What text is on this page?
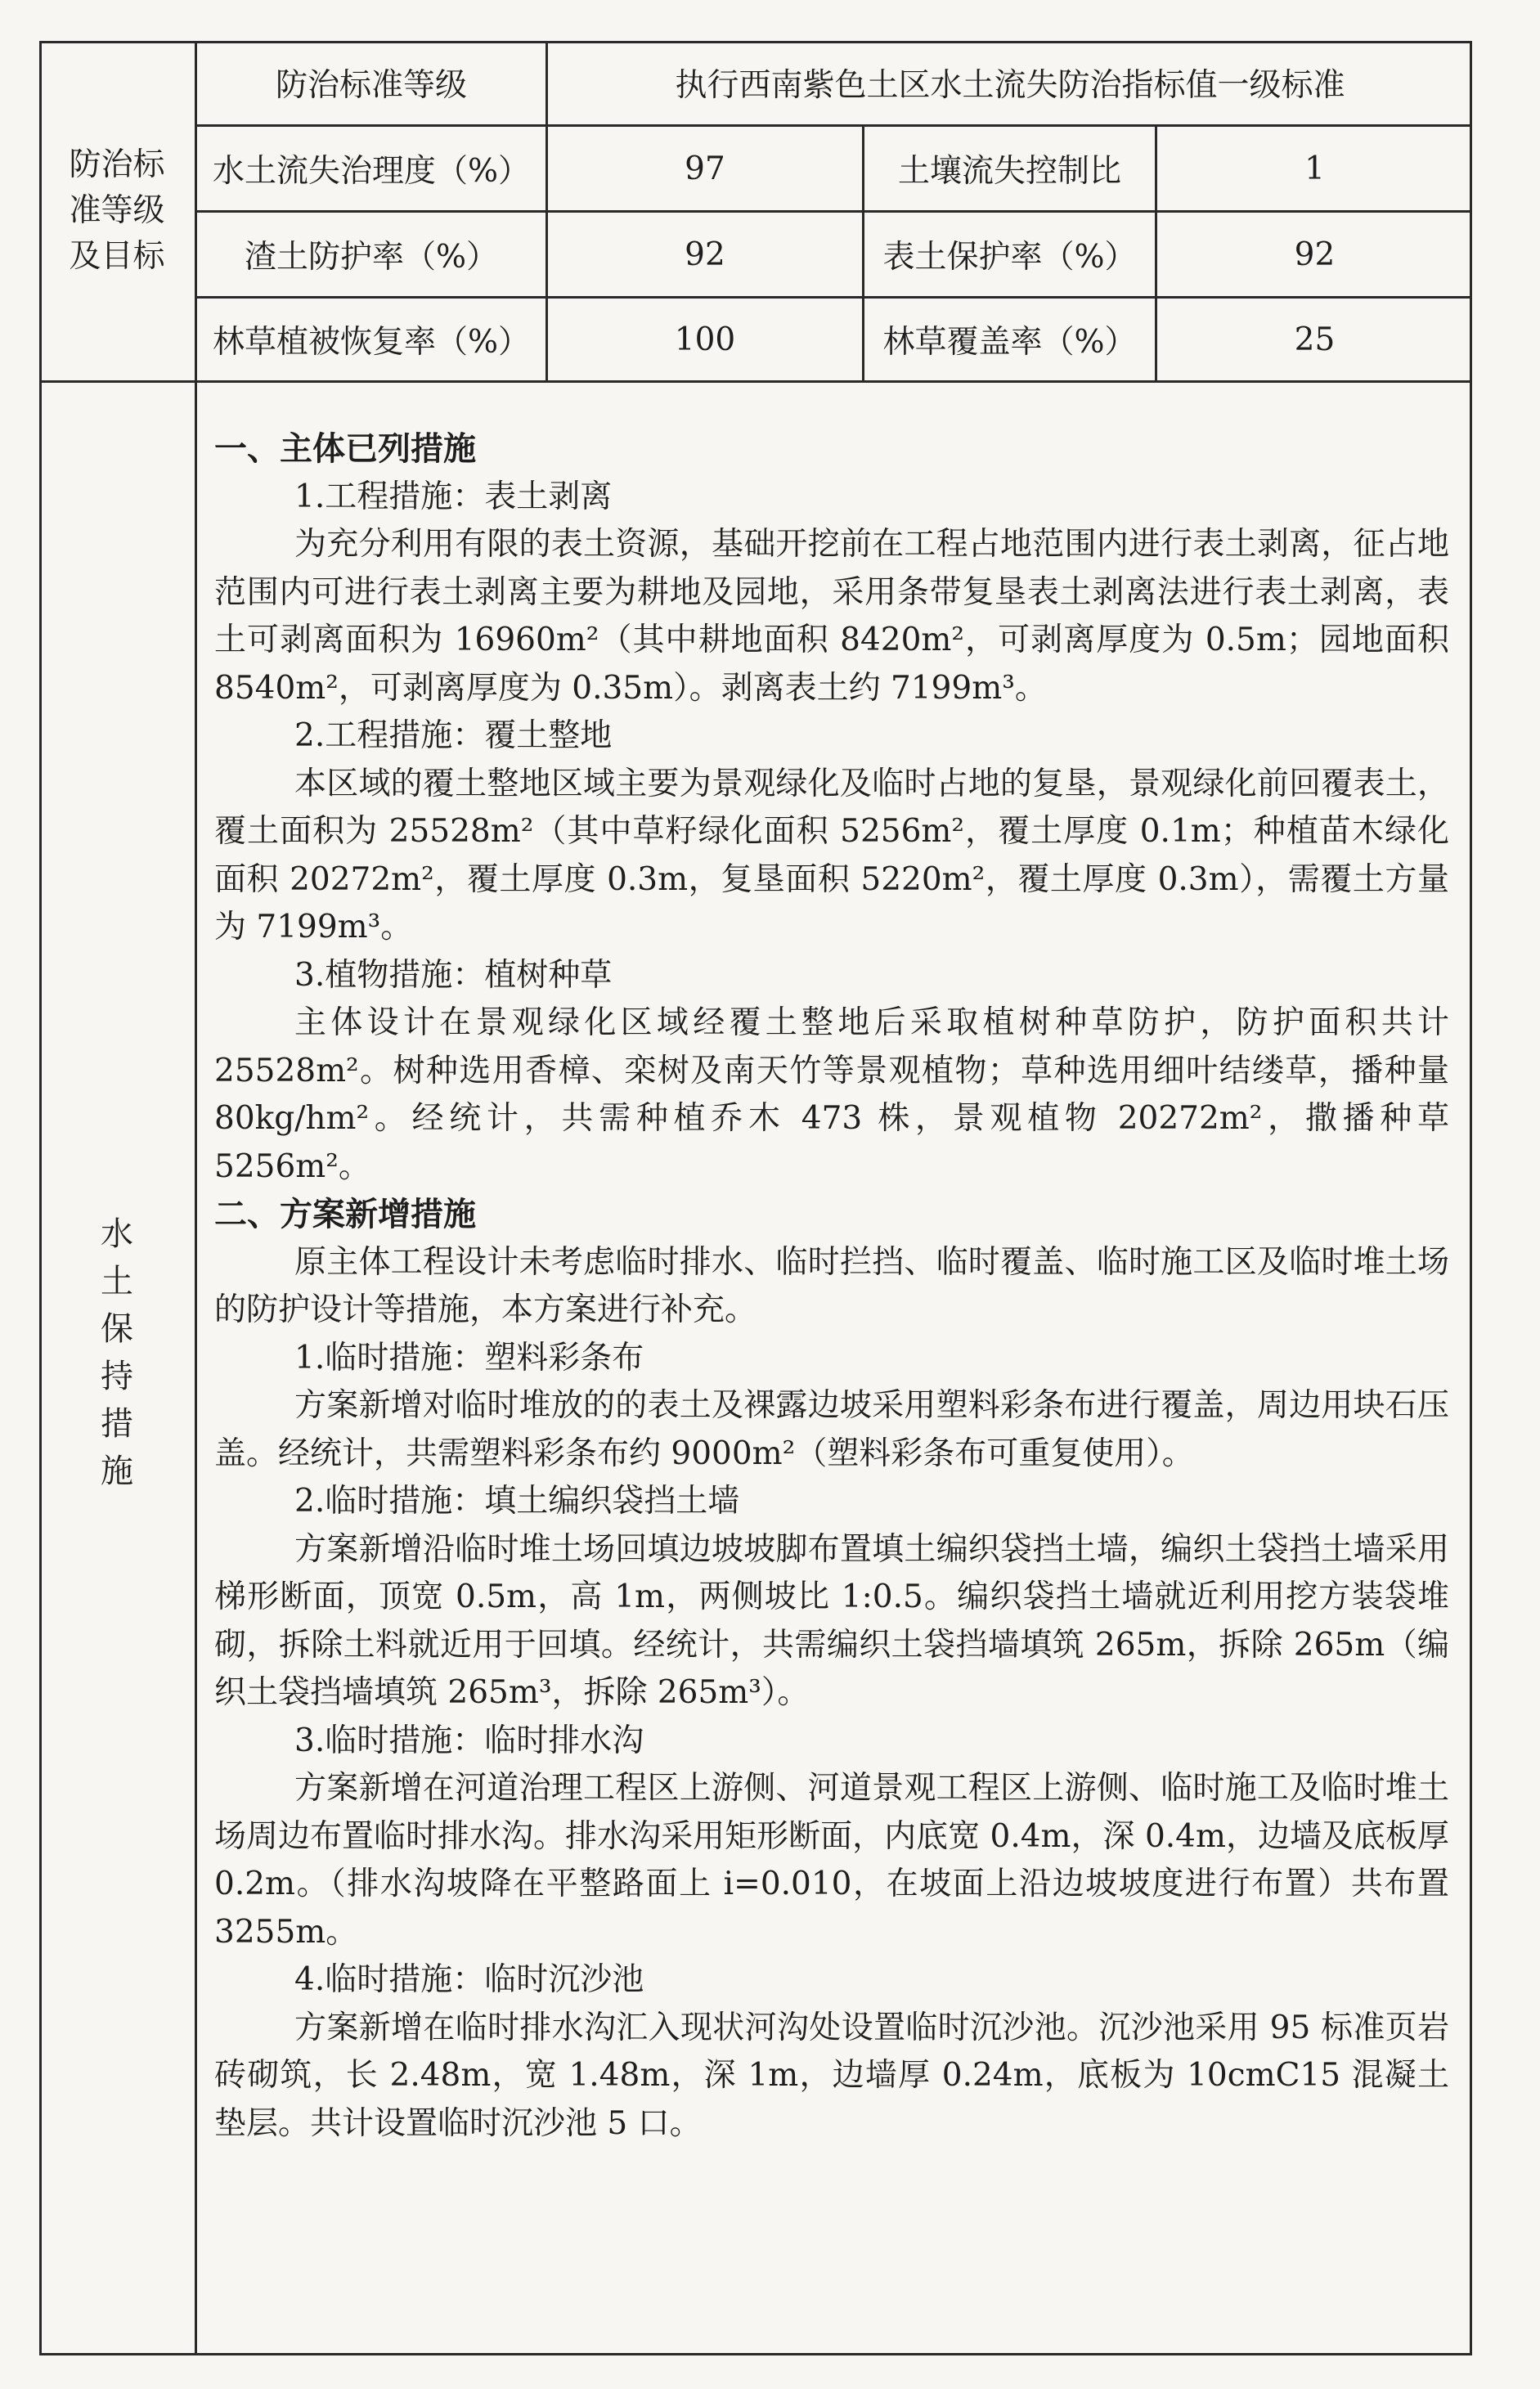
防治标
准等级
及目标
防治标准等级	执行西南紫色土区水土流失防治指标值一级标准
水土流失治理度（%）	97	土壤流失控制比	1
渣土防护率（%）	92	表土保护率（%）	92
林草植被恢复率（%）	100	林草覆盖率（%）	25
水
土
保
持
措
施

一、主体已列措施

1.工程措施：表土剥离

为充分利用有限的表土资源，基础开挖前在工程占地范围内进行表土剥离，征占地范围内可进行表土剥离主要为耕地及园地，采用条带复垦表土剥离法进行表土剥离，表土可剥离面积为 16960m²（其中耕地面积 8420m²，可剥离厚度为 0.5m；园地面积 8540m²，可剥离厚度为 0.35m）。剥离表土约 7199m³。

2.工程措施：覆土整地

本区域的覆土整地区域主要为景观绿化及临时占地的复垦，景观绿化前回覆表土，覆土面积为 25528m²（其中草籽绿化面积 5256m²，覆土厚度 0.1m；种植苗木绿化面积 20272m²，覆土厚度 0.3m，复垦面积 5220m²，覆土厚度 0.3m），需覆土方量为 7199m³。

3.植物措施：植树种草

主体设计在景观绿化区域经覆土整地后采取植树种草防护，防护面积共计 25528m²。树种选用香樟、栾树及南天竹等景观植物；草种选用细叶结缕草，播种量 80kg/hm²。经统计，共需种植乔木 473 株，景观植物 20272m²，撒播种草 5256m²。

二、方案新增措施

原主体工程设计未考虑临时排水、临时拦挡、临时覆盖、临时施工区及临时堆土场的防护设计等措施，本方案进行补充。

1.临时措施：塑料彩条布

方案新增对临时堆放的的表土及裸露边坡采用塑料彩条布进行覆盖，周边用块石压盖。经统计，共需塑料彩条布约 9000m²（塑料彩条布可重复使用）。

2.临时措施：填土编织袋挡土墙

方案新增沿临时堆土场回填边坡坡脚布置填土编织袋挡土墙，编织土袋挡土墙采用梯形断面，顶宽 0.5m，高 1m，两侧坡比 1:0.5。编织袋挡土墙就近利用挖方装袋堆砌，拆除土料就近用于回填。经统计，共需编织土袋挡墙填筑 265m，拆除 265m（编织土袋挡墙填筑 265m³，拆除 265m³）。

3.临时措施：临时排水沟

方案新增在河道治理工程区上游侧、河道景观工程区上游侧、临时施工及临时堆土场周边布置临时排水沟。排水沟采用矩形断面，内底宽 0.4m，深 0.4m，边墙及底板厚 0.2m。（排水沟坡降在平整路面上 i=0.010，在坡面上沿边坡坡度进行布置）共布置 3255m。

4.临时措施：临时沉沙池

方案新增在临时排水沟汇入现状河沟处设置临时沉沙池。沉沙池采用 95 标准页岩砖砌筑，长 2.48m，宽 1.48m，深 1m，边墙厚 0.24m，底板为 10cmC15 混凝土垫层。共计设置临时沉沙池 5 口。
